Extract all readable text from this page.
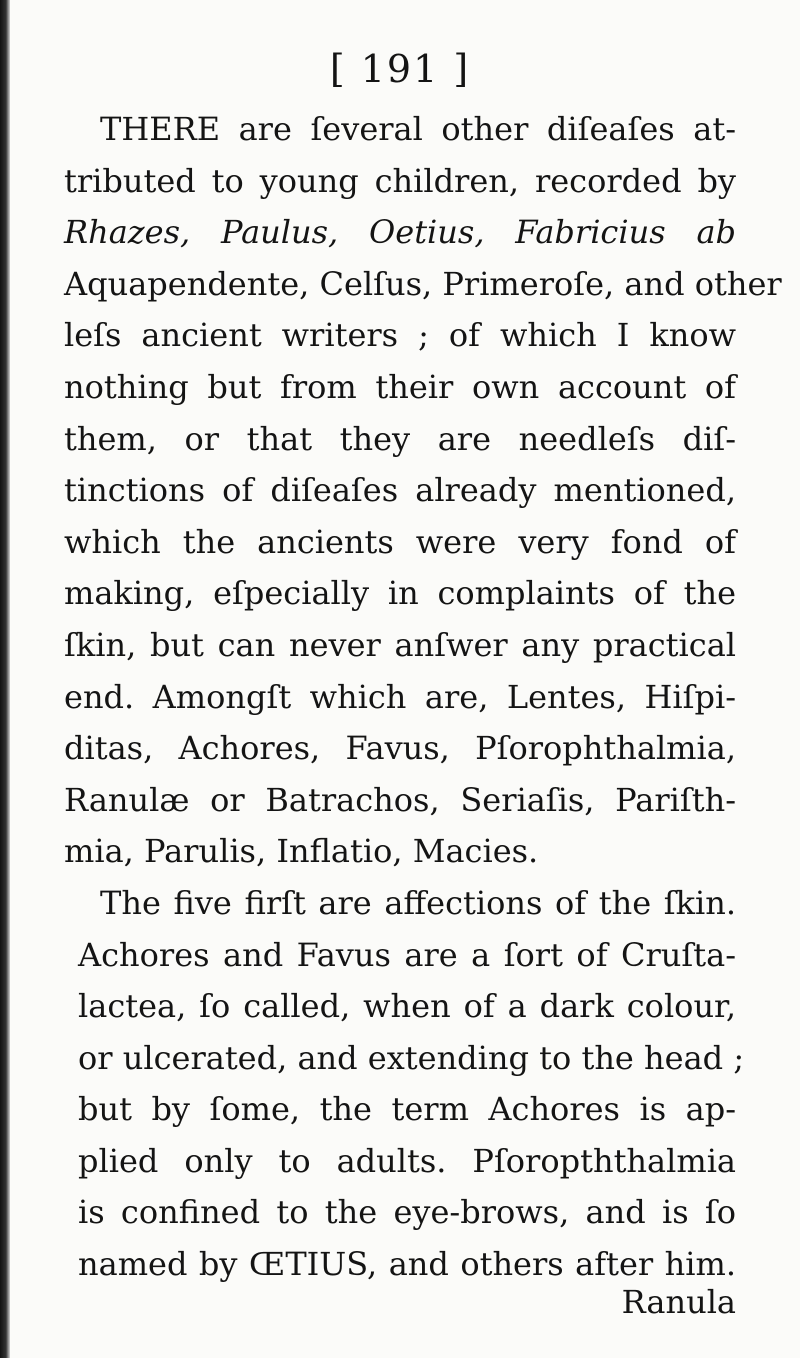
[ 191 ]
THERE are ſeveral other diſeaſes at-
tributed to young children, recorded by
Rhazes, Paulus, Oetius, Fabricius ab
Aquapendente, Celſus, Primeroſe, and other
leſs ancient writers ; of which I know
nothing but from their own account of
them, or that they are needleſs diſ-
tinctions of diſeaſes already mentioned,
which the ancients were very fond of
making, eſpecially in complaints of the
ſkin, but can never anſwer any practical
end. Amongſt which are, Lentes, Hiſpi-
ditas, Achores, Favus, Pſorophthalmia,
Ranulæ or Batrachos, Seriaſis, Pariſth-
mia, Parulis, Inflatio, Macies.
The five firſt are affections of the ſkin.
Achores and Favus are a ſort of Cruſta-
lactea, ſo called, when of a dark colour,
or ulcerated, and extending to the head ;
but by ſome, the term Achores is ap-
plied only to adults. Pſoropththalmia
is confined to the eye-brows, and is ſo
named by ŒTIUS, and others after him.
Ranula
